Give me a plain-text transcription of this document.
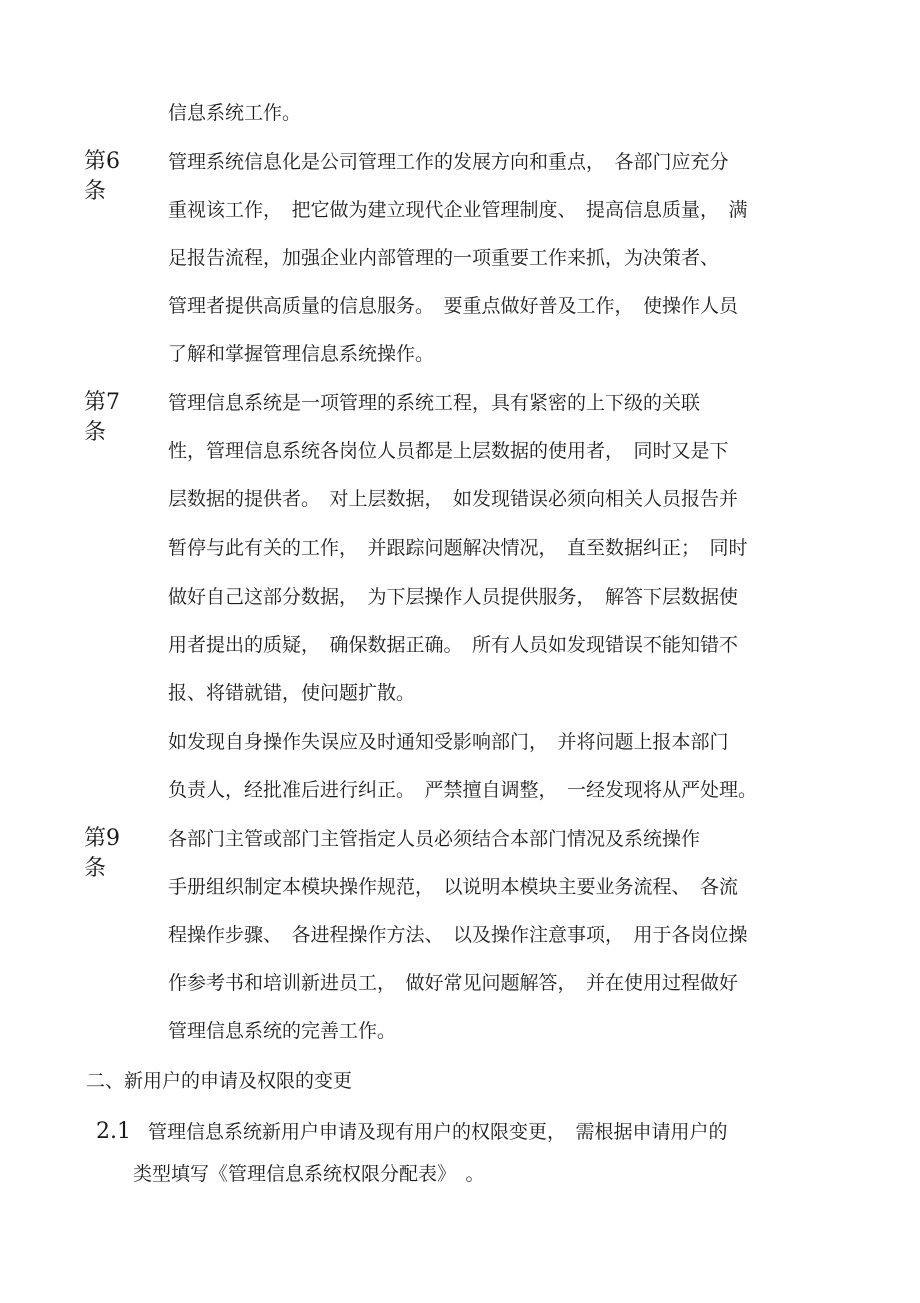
信息系统工作。
第6条
管理系统信息化是公司管理工作的发展方向和重点，　各部门应充分
重视该工作，　把它做为建立现代企业管理制度、　提高信息质量，　满
足报告流程，加强企业内部管理的一项重要工作来抓，为决策者、
管理者提供高质量的信息服务。　要重点做好普及工作，　使操作人员
了解和掌握管理信息系统操作。
第7条
管理信息系统是一项管理的系统工程，具有紧密的上下级的关联
性，管理信息系统各岗位人员都是上层数据的使用者，　同时又是下
层数据的提供者。　对上层数据，　如发现错误必须向相关人员报告并
暂停与此有关的工作，　并跟踪问题解决情况，　直至数据纠正；　同时
做好自己这部分数据，　为下层操作人员提供服务，　解答下层数据使
用者提出的质疑，　确保数据正确。　所有人员如发现错误不能知错不
报、将错就错，使问题扩散。
如发现自身操作失误应及时通知受影响部门，　并将问题上报本部门
负责人，经批准后进行纠正。　严禁擅自调整，　一经发现将从严处理。
第9条
各部门主管或部门主管指定人员必须结合本部门情况及系统操作
手册组织制定本模块操作规范，　以说明本模块主要业务流程、　各流
程操作步骤、　各进程操作方法、　以及操作注意事项，　用于各岗位操
作参考书和培训新进员工，　做好常见问题解答，　并在使用过程做好
管理信息系统的完善工作。
二、新用户的申请及权限的变更
2.1 管理信息系统新用户申请及现有用户的权限变更，　需根据申请用户的
类型填写《管理信息系统权限分配表》　。
